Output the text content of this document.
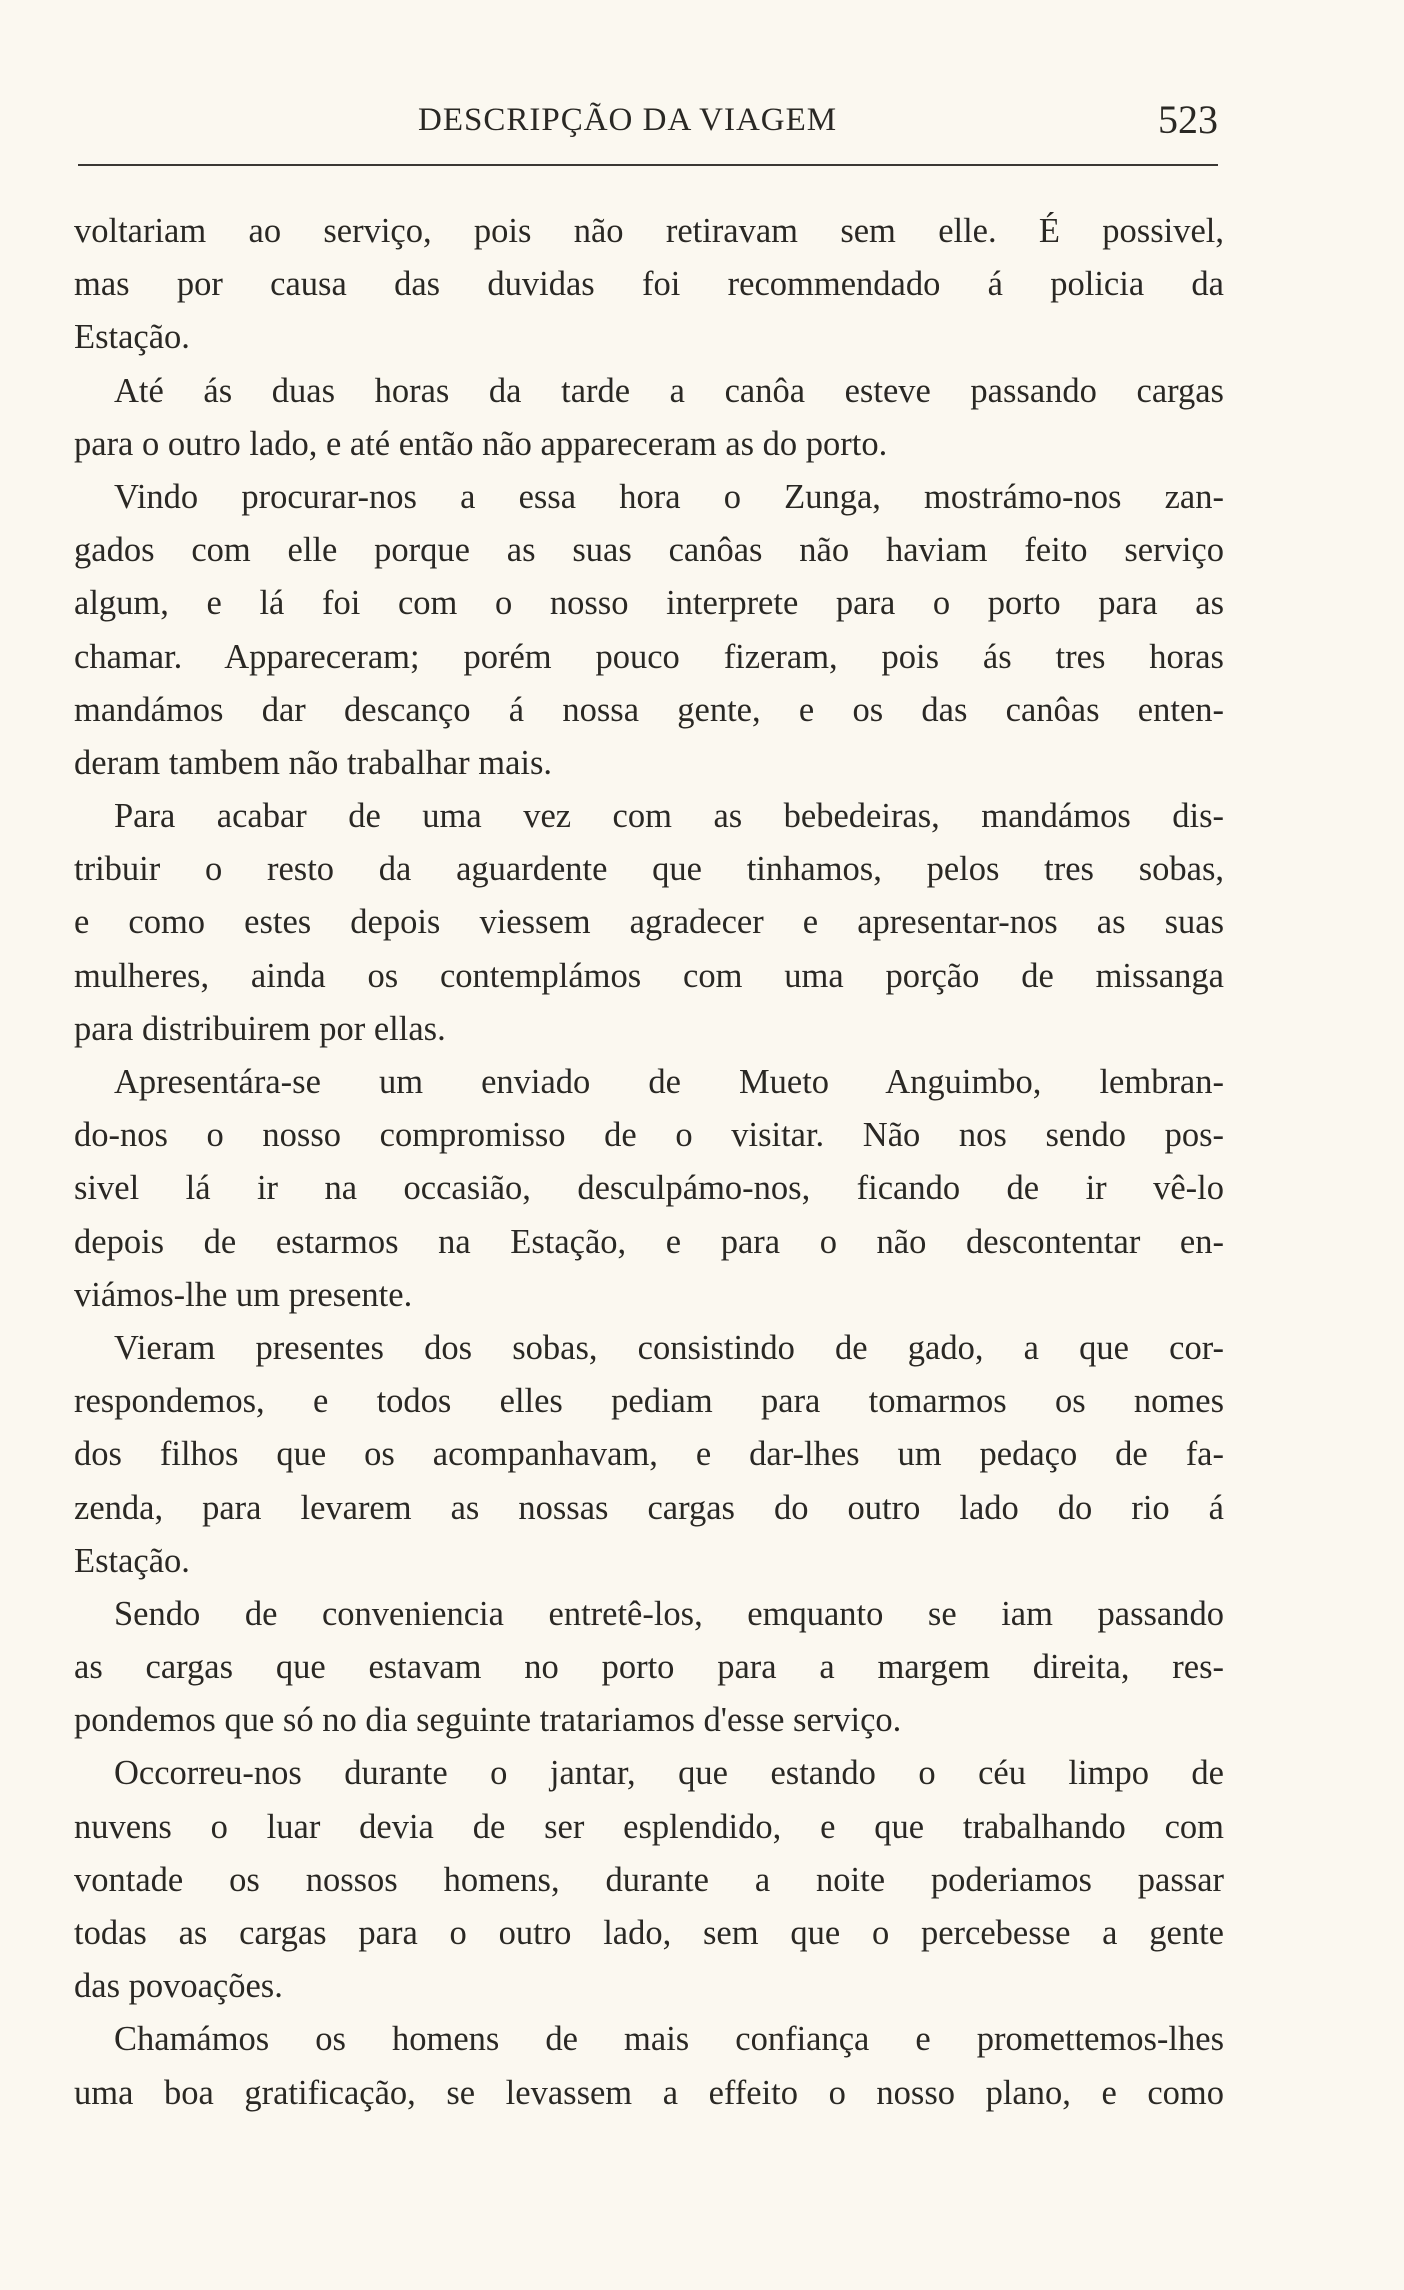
DESCRIPÇÃO DA VIAGEM	523
voltariam ao serviço, pois não retiravam sem elle. É possivel,
mas por causa das duvidas foi recommendado á policia da
Estação.
Até ás duas horas da tarde a canôa esteve passando cargas
para o outro lado, e até então não appareceram as do porto.
Vindo procurar-nos a essa hora o Zunga, mostrámo-nos zan-
gados com elle porque as suas canôas não haviam feito serviço
algum, e lá foi com o nosso interprete para o porto para as
chamar. Appareceram; porém pouco fizeram, pois ás tres horas
mandámos dar descanço á nossa gente, e os das canôas enten-
deram tambem não trabalhar mais.
Para acabar de uma vez com as bebedeiras, mandámos dis-
tribuir o resto da aguardente que tinhamos, pelos tres sobas,
e como estes depois viessem agradecer e apresentar-nos as suas
mulheres, ainda os contemplámos com uma porção de missanga
para distribuirem por ellas.
Apresentára-se um enviado de Mueto Anguimbo, lembran-
do-nos o nosso compromisso de o visitar. Não nos sendo pos-
sivel lá ir na occasião, desculpámo-nos, ficando de ir vê-lo
depois de estarmos na Estação, e para o não descontentar en-
viámos-lhe um presente.
Vieram presentes dos sobas, consistindo de gado, a que cor-
respondemos, e todos elles pediam para tomarmos os nomes
dos filhos que os acompanhavam, e dar-lhes um pedaço de fa-
zenda, para levarem as nossas cargas do outro lado do rio á
Estação.
Sendo de conveniencia entretê-los, emquanto se iam passando
as cargas que estavam no porto para a margem direita, res-
pondemos que só no dia seguinte tratariamos d'esse serviço.
Occorreu-nos durante o jantar, que estando o céu limpo de
nuvens o luar devia de ser esplendido, e que trabalhando com
vontade os nossos homens, durante a noite poderiamos passar
todas as cargas para o outro lado, sem que o percebesse a gente
das povoações.
Chamámos os homens de mais confiança e promettemos-lhes
uma boa gratificação, se levassem a effeito o nosso plano, e como
